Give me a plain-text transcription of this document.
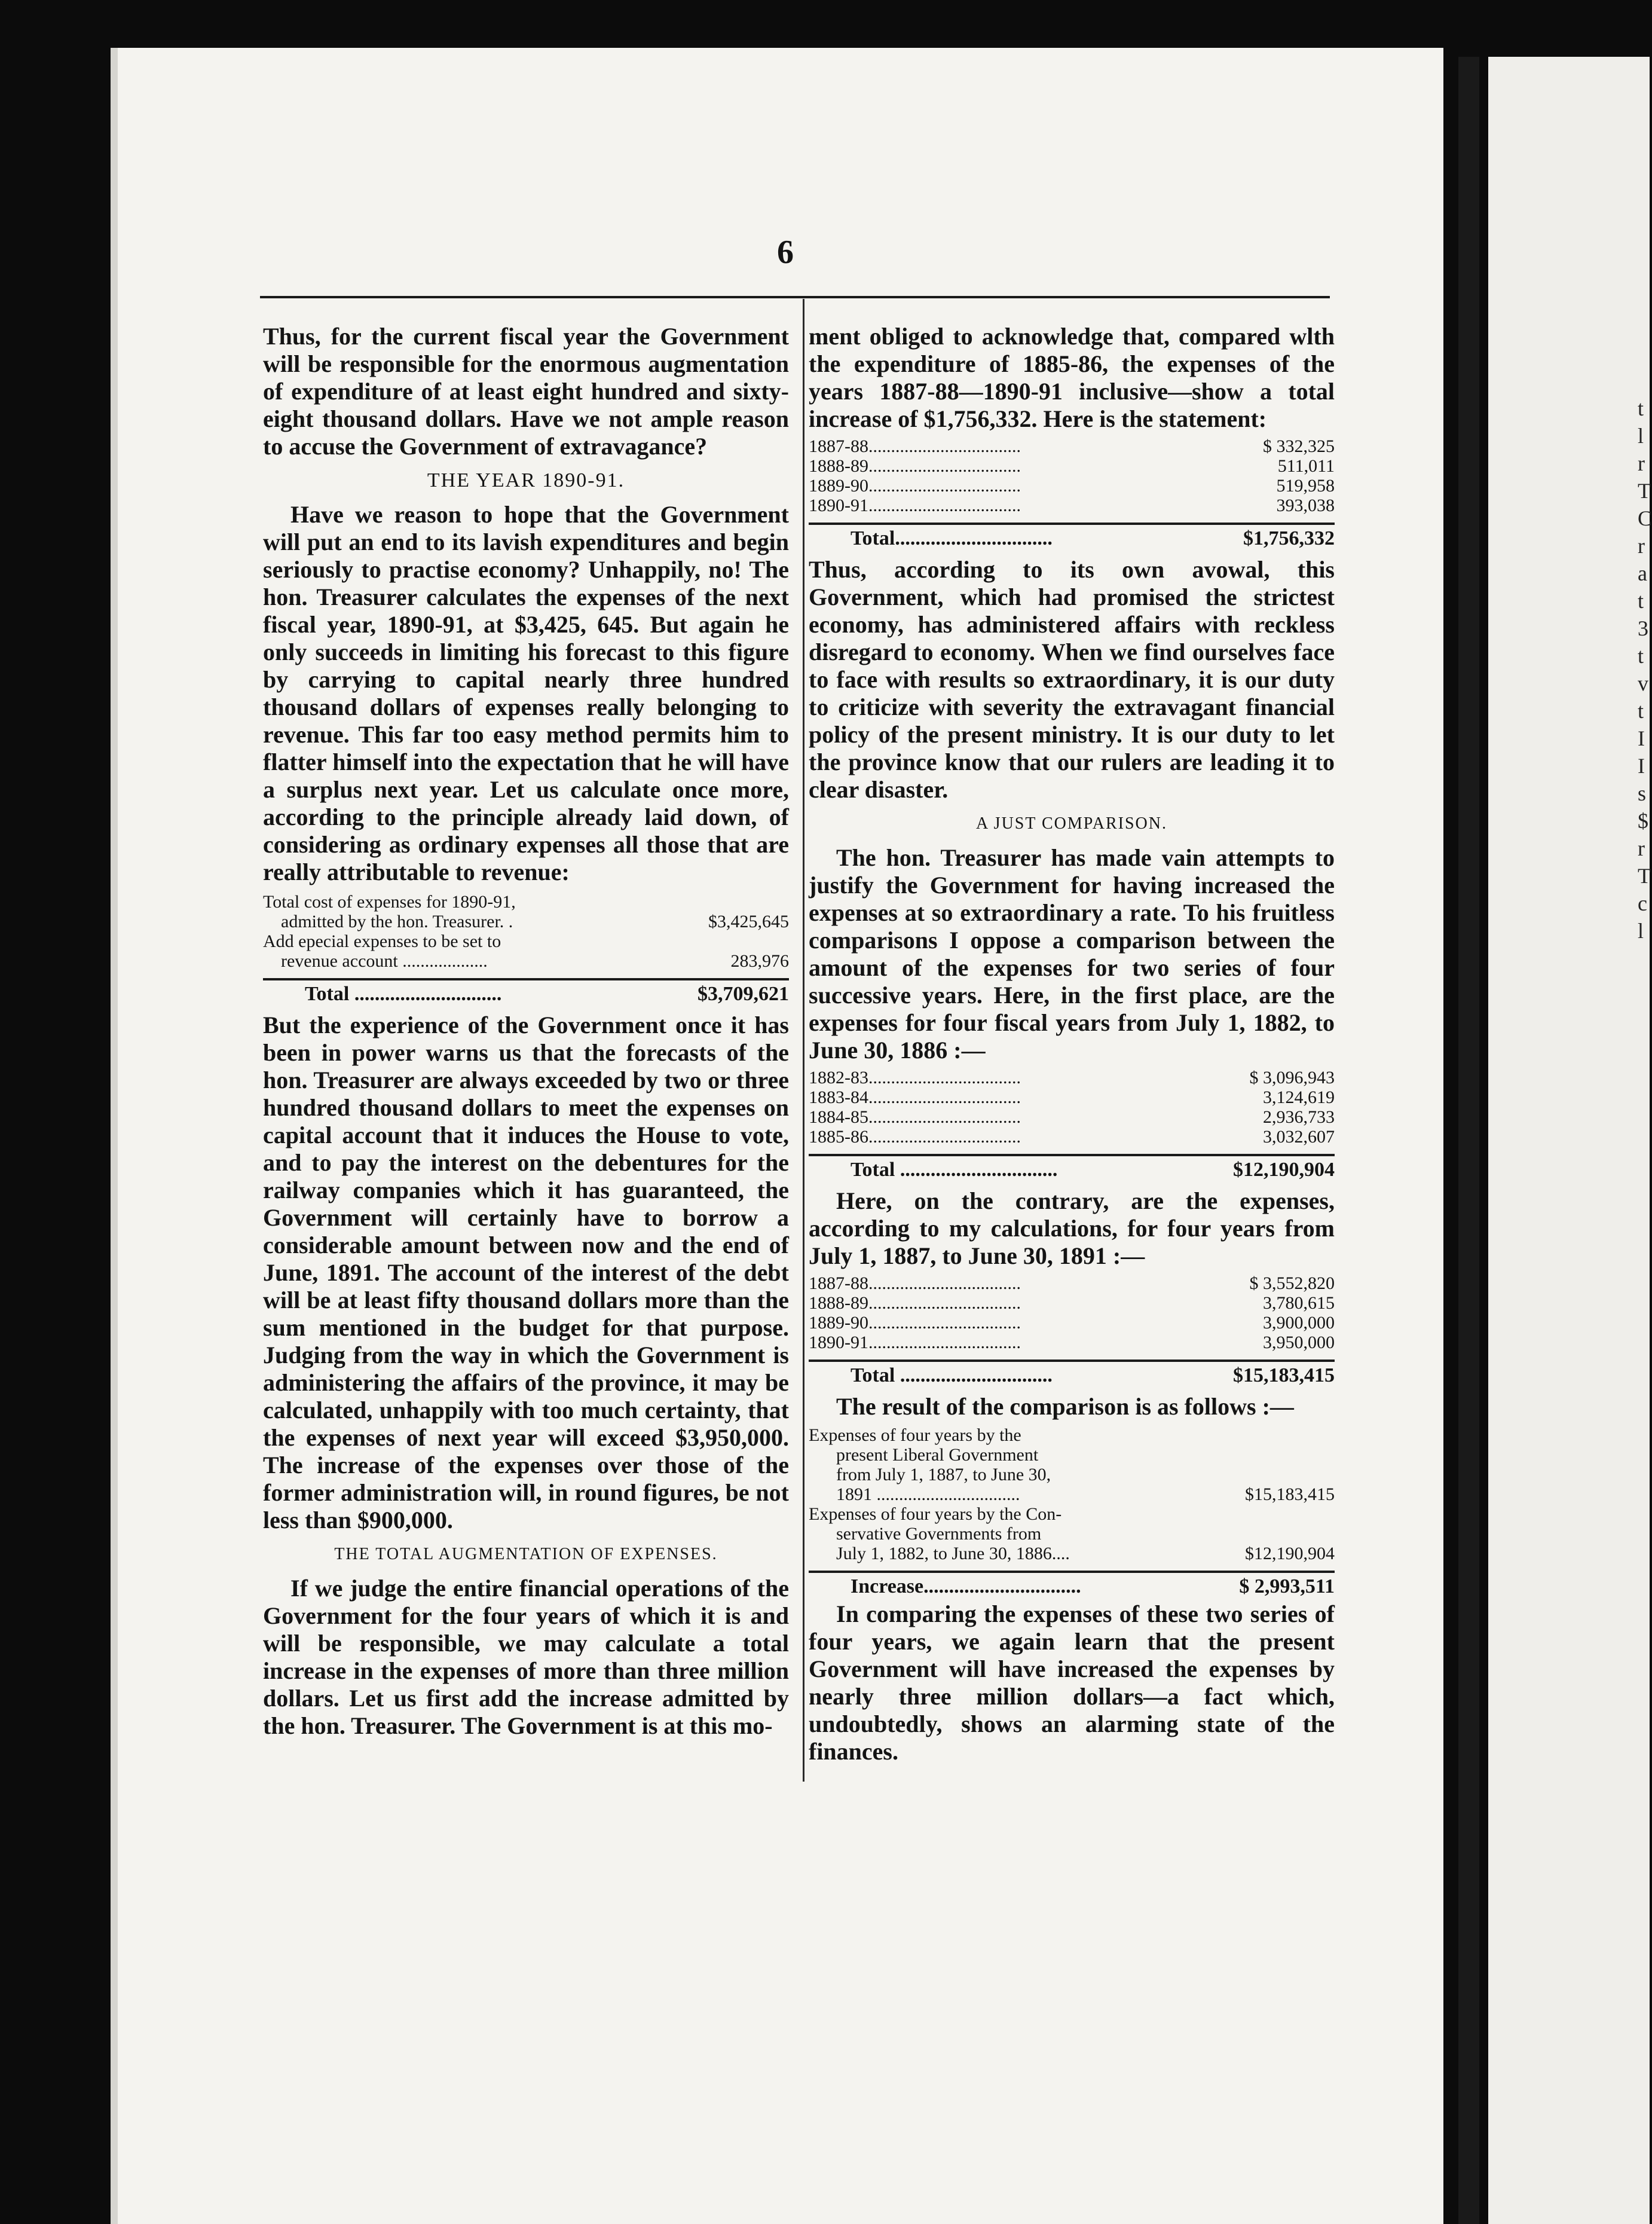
t
l
r
T
C
r
a
t
3
t
v
t
I
I
s
$
r
T
c
l
6

Thus, for the current fiscal year the Government will be responsible for the enormous augmentation of expenditure of at least eight hundred and sixty-eight thousand dollars. Have we not ample reason to accuse the Government of extravagance?

THE YEAR 1890-91.

Have we reason to hope that the Government will put an end to its lavish expenditures and begin seriously to practise economy? Unhappily, no! The hon. Treasurer calculates the expenses of the next fiscal year, 1890-91, at $3,425, 645. But again he only succeeds in limiting his forecast to this figure by carrying to capital nearly three hundred thousand dollars of expenses really belonging to revenue. This far too easy method permits him to flatter himself into the expectation that he will have a surplus next year. Let us calculate once more, according to the principle already laid down, of considering as ordinary expenses all those that are really attributable to revenue:

Total cost of expenses for 1890-91,
admitted by the hon. Treasurer. .	$3,425,645
Add epecial expenses to be set to
revenue account ...................	283,976
Total .............................	$3,709,621

But the experience of the Government once it has been in power warns us that the forecasts of the hon. Treasurer are always exceeded by two or three hundred thousand dollars to meet the expenses on capital account that it induces the House to vote, and to pay the interest on the debentures for the railway companies which it has guaranteed, the Government will certainly have to borrow a considerable amount between now and the end of June, 1891. The account of the interest of the debt will be at least fifty thousand dollars more than the sum mentioned in the budget for that purpose. Judging from the way in which the Government is administering the affairs of the province, it may be calculated, unhappily with too much certainty, that the expenses of next year will exceed $3,950,000. The increase of the expenses over those of the former administration will, in round figures, be not less than $900,000.

THE TOTAL AUGMENTATION OF EXPENSES.

If we judge the entire financial operations of the Government for the four years of which it is and will be responsible, we may calculate a total increase in the expenses of more than three million dollars. Let us first add the increase admitted by the hon. Treasurer. The Government is at this mo-

ment obliged to acknowledge that, compared wlth the expenditure of 1885-86, the expenses of the years 1887-88—1890-91 inclusive—show a total increase of $1,756,332. Here is the statement:

1887-88..................................	$ 332,325
1888-89..................................	511,011
1889-90..................................	519,958
1890-91..................................	393,038
Total...............................	$1,756,332

Thus, according to its own avowal, this Government, which had promised the strictest economy, has administered affairs with reckless disregard to economy. When we find ourselves face to face with results so extraordinary, it is our duty to criticize with severity the extravagant financial policy of the present ministry. It is our duty to let the province know that our rulers are leading it to clear disaster.

A JUST COMPARISON.

The hon. Treasurer has made vain attempts to justify the Government for having increased the expenses at so extraordinary a rate. To his fruitless comparisons I oppose a comparison between the amount of the expenses for two series of four successive years. Here, in the first place, are the expenses for four fiscal years from July 1, 1882, to June 30, 1886 :—

1882-83..................................	$ 3,096,943
1883-84..................................	3,124,619
1884-85..................................	2,936,733
1885-86..................................	3,032,607
Total ...............................	$12,190,904

Here, on the contrary, are the expenses, according to my calculations, for four years from July 1, 1887, to June 30, 1891 :—

1887-88..................................	$ 3,552,820
1888-89..................................	3,780,615
1889-90..................................	3,900,000
1890-91..................................	3,950,000
Total ..............................	$15,183,415

The result of the comparison is as follows :—

Expenses of four years by the
present Liberal Government
from July 1, 1887, to June 30,
1891 ................................	$15,183,415
Expenses of four years by the Con-
servative Governments from
July 1, 1882, to June 30, 1886....	$12,190,904
Increase...............................	$ 2,993,511

In comparing the expenses of these two series of four years, we again learn that the present Government will have increased the expenses by nearly three million dollars—a fact which, undoubtedly, shows an alarming state of the finances.
